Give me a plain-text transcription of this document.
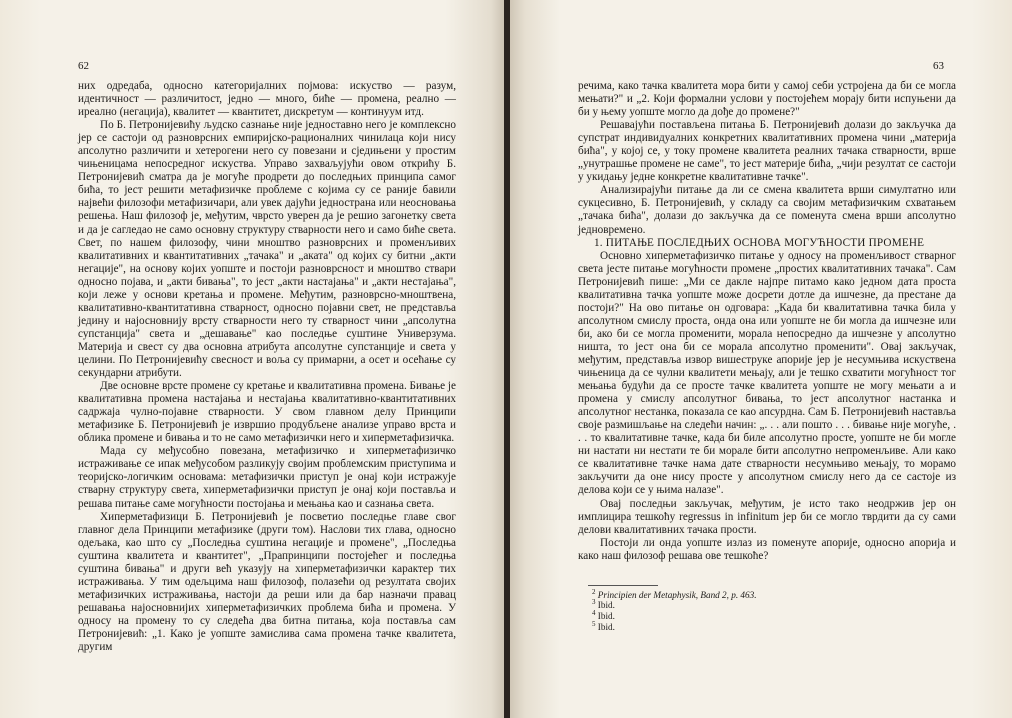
62

них одредаба, односно категоријалних појмова: искуство — разум, идентичност — различитост, једно — много, биће — промена, реално — ирeално (негација), квалитет — квантитет, дискретум — континуум итд.

По Б. Петронијевићу људско сазнање није једноставно него је комплексно јер се састоји од разноврсних емпиријско-рационалних чинилаца који нису апсолутно различити и хетерогени него су повезани и сједињени у простим чињеницама непосредног искуства. Управо захваљујући овом открићу Б. Петронијевић сматра да је могуће продрети до последњих принципа самог бића, то јест решити метафизичке проблеме с којима су се раније бавили највећи филозофи метафизичари, али увек дајући једнострана или неосновања решења. Наш филозоф је, међутим, чврсто уверен да је решио загонетку света и да је сагледао не само основну структуру стварности него и само биће света. Свет, по нашем филозофу, чини мноштво разноврсних и променљивих квалитативних и квантитативних „тачака" и „аката" од којих су битни „акти негације", на основу којих уопште и постоји разноврсност и мноштво ствари односно појава, и „акти бивања", то јест „акти настајања" и „акти нестајања", који леже у основи кретања и промене. Међутим, разноврсно-мноштвена, квалитативно-квантитативна стварност, односно појавни свет, не представља јединy и најосновнију врсту стварности него ту стварност чини „апсолутна супстанција" света и „дешавање" као последње суштине Универзума. Материја и свест су два основна атрибута апсолутне супстанције и света у целини. По Петронијевићу свесност и воља су примарни, а осет и осећање су секундарни атрибути.

Две основне врсте промене су кретање и квалитативна промена. Бивање је квалитативна промена настајања и нестајања квалитативно-квантитативних садржаја чулно-појавне стварности. У свом главном делу Принципи метафизике Б. Петронијевић је извршио продубљене анализе управо врста и облика промене и бивања и то не само метафизички него и хиперметафизичка.

Мада су међусобно повезана, метафизичко и хиперметафизичко истраживање се ипак међусобом разликују својим проблемским приступима и теоријско-логичким основама: метафизички приступ је онај који истражује стварну структуру света, хиперметафизички приступ је онај који поставља и решава питање саме могућности постојања и мењања као и сазнања света.

Хиперметафизици Б. Петронијевић је посветио последње главе свог главног дела Принципи метафизике (други том). Наслови тих глава, односно одељака, као што су „Последња суштина негације и промене", „Последња суштина квалитета и квантитет", „Прапринципи постојећег и последња суштина бивања" и други већ указују на хиперметафизички карактер тих истраживања. У тим одељцима наш филозоф, полазећи од резултата својих метафизичких истраживања, настоји да реши или да бар назначи правац решавања најосновнијих хиперметафизичких проблема бића и промена. У односу на промену то су следећа два битна питања, која поставља сам Петронијевић: „1. Како је уопште замислива сама промена тачке квалитета, другим

63

речима, како тачка квалитета мора бити у самој себи устројена да би се могла мењати?" и „2. Који формални услови у постојећем морају бити испуњени да би у њему уопште могло да дође до промене?"

Решавајући постављена питања Б. Петронијевић долази до закључка да супстрат индивидуалних конкретних квалитативних промена чини „материја бића", у којој се, у току промене квалитета реалних тачака стварности, врше „унутрашње промене не саме", то јест материје бића, „чији резултат се састоји у укидању једне конкретне квалитативне тачке".

Анализирајући питање да ли се смена квалитета врши симултатно или сукцесивно, Б. Петронијевић, у складу са својим метафизичким схватањем „тачака бића", долази до закључка да се поменута смена врши апсолутно једновремено.

1. ПИТАЊЕ ПОСЛЕДЊИХ ОСНОВА МОГУЋНОСТИ ПРОМЕНЕ

Основно хиперметафизичко питање у односу на променљивост стварног света јесте питање могућности промене „простих квалитативних тачака". Сам Петронијевић пише: „Ми се дакле најпре питамо како једном дата проста квалитативна тачка уопште може досрети дотле да ишчезне, да престане да постоји?" На ово питање он одговара: „Када би квалитативна тачка била у апсолутном смислу проста, онда она или уопште не би могла да ишчезне или би, ако би се могла променити, морала непосредно да ишчезне у апсолутно ништа, то јест она би се морала апсолутно променити". Овај закључак, међутим, представља извор вишеструке апорије јер је несумњива искуствена чињеница да се чулни квалитети мењају, али је тешко схватити могућност тог мењања будући да се просте тачке квалитета уопште не могу мењати а и промена у смислу апсолутног бивања, то јест апсолутног настанка и апсолутног нестанка, показала се као апсурдна. Сам Б. Петронијевић наставља своје размишљање на следећи начин: „. . . али пошто . . . бивање није могуће, . . . то квалитативне тачке, када би биле апсолутно просте, уопште не би могле ни настати ни нестати те би морале бити апсолутно непроменљиве. Али како се квалитативне тачке нама дате стварности несумњиво мењају, то морамо закључити да оне нису просте у апсолутном смислу него да се састоје из делова који се у њима налазе".

Овај последњи закључак, међутим, је исто тако неодржив јер он имплицира тешкоћу regressus in infinitum јер би се могло тврдити да су сами делови квалитативних тачака прости.

Постоји ли онда уопште излаз из поменуте апорије, односно апорија и како наш филозоф решава ове тешкоће?

$^2$ Principien der Metaphysik, Band 2, p. 463.
$^3$ Ibid.
$^4$ Ibid.
$^5$ Ibid.
